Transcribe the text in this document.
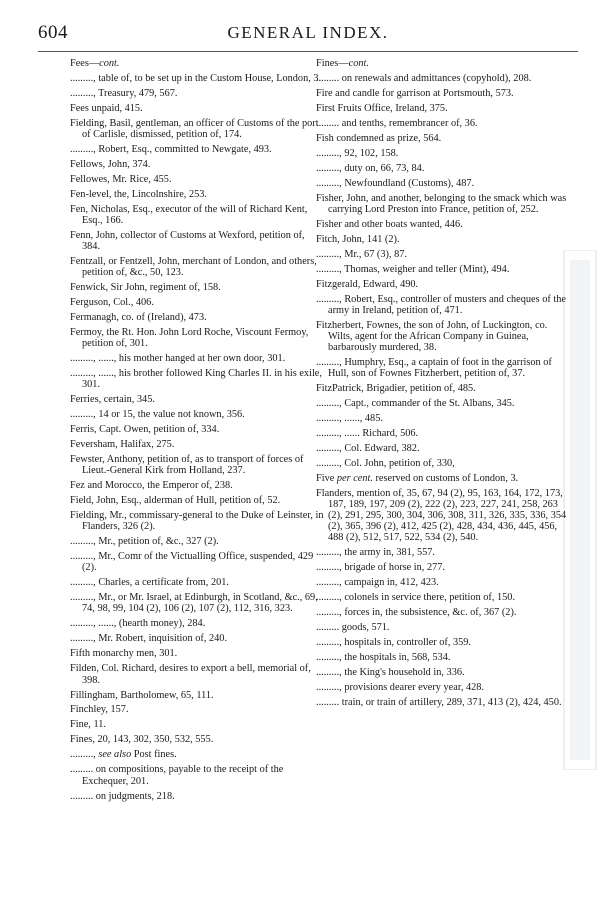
604	GENERAL INDEX.
Fees—cont.
........., table of, to be set up in the Custom House, London, 3.
........., Treasury, 479, 567.
Fees unpaid, 415.
Fielding, Basil, gentleman, an officer of Customs of the port of Carlisle, dismissed, petition of, 174.
........., Robert, Esq., committed to Newgate, 493.
Fellows, John, 374.
Fellowes, Mr. Rice, 455.
Fen-level, the, Lincolnshire, 253.
Fen, Nicholas, Esq., executor of the will of Richard Kent, Esq., 166.
Fenn, John, collector of Customs at Wexford, petition of, 384.
Fentzall, or Fentzell, John, merchant of London, and others, petition of, &c., 50, 123.
Fenwick, Sir John, regiment of, 158.
Ferguson, Col., 406.
Fermanagh, co. of (Ireland), 473.
Fermoy, the Rt. Hon. John Lord Roche, Viscount Fermoy, petition of, 301.
........., ......, his mother hanged at her own door, 301.
........., ......, his brother followed King Charles II. in his exile, 301.
Ferries, certain, 345.
........., 14 or 15, the value not known, 356.
Ferris, Capt. Owen, petition of, 334.
Feversham, Halifax, 275.
Fewster, Anthony, petition of, as to transport of forces of Lieut.-General Kirk from Holland, 237.
Fez and Morocco, the Emperor of, 238.
Field, John, Esq., alderman of Hull, petition of, 52.
Fielding, Mr., commissary-general to the Duke of Leinster, in Flanders, 326 (2).
........., Mr., petition of, &c., 327 (2).
........., Mr., Comr of the Victualling Office, suspended, 429 (2).
........., Charles, a certificate from, 201.
........., Mr., or Mr. Israel, at Edinburgh, in Scotland, &c., 69, 74, 98, 99, 104 (2), 106 (2), 107 (2), 112, 316, 323.
........., ......, (hearth money), 284.
........., Mr. Robert, inquisition of, 240.
Fifth monarchy men, 301.
Filden, Col. Richard, desires to export a bell, memorial of, 398.
Fillingham, Bartholomew, 65, 111.
Finchley, 157.
Fine, 11.
Fines, 20, 143, 302, 350, 532, 555.
........., see also Post fines.
......... on compositions, payable to the receipt of the Exchequer, 201.
......... on judgments, 218.
Fines—cont.
......... on renewals and admittances (copyhold), 208.
Fire and candle for garrison at Portsmouth, 573.
First Fruits Office, Ireland, 375.
......... and tenths, remembrancer of, 36.
Fish condemned as prize, 564.
........., 92, 102, 158.
........., duty on, 66, 73, 84.
........., Newfoundland (Customs), 487.
Fisher, John, and another, belonging to the smack which was carrying Lord Preston into France, petition of, 252.
Fisher and other boats wanted, 446.
Fitch, John, 141 (2).
........., Mr., 67 (3), 87.
........., Thomas, weigher and teller (Mint), 494.
Fitzgerald, Edward, 490.
........., Robert, Esq., controller of musters and cheques of the army in Ireland, petition of, 471.
Fitzherbert, Fownes, the son of John, of Luckington, co. Wilts, agent for the African Company in Guinea, barbarously murdered, 38.
........., Humphry, Esq., a captain of foot in the garrison of Hull, son of Fownes Fitzherbert, petition of, 37.
FitzPatrick, Brigadier, petition of, 485.
........., Capt., commander of the St. Albans, 345.
........., ......, 485.
........., ...... Richard, 506.
........., Col. Edward, 382.
........., Col. John, petition of, 330,
Five per cent. reserved on customs of London, 3.
Flanders, mention of, 35, 67, 94 (2), 95, 163, 164, 172, 173, 187, 189, 197, 209 (2), 222 (2), 223, 227, 241, 258, 263 (2), 291, 295, 300, 304, 306, 308, 311, 326, 335, 336, 354 (2), 365, 396 (2), 412, 425 (2), 428, 434, 436, 445, 456, 488 (2), 512, 517, 522, 534 (2), 540.
........., the army in, 381, 557.
........., brigade of horse in, 277.
........., campaign in, 412, 423.
........., colonels in service there, petition of, 150.
........., forces in, the subsistence, &c. of, 367 (2).
......... goods, 571.
........., hospitals in, controller of, 359.
........., the hospitals in, 568, 534.
........., the King's household in, 336.
........., provisions dearer every year, 428.
......... train, or train of artillery, 289, 371, 413 (2), 424, 450.
